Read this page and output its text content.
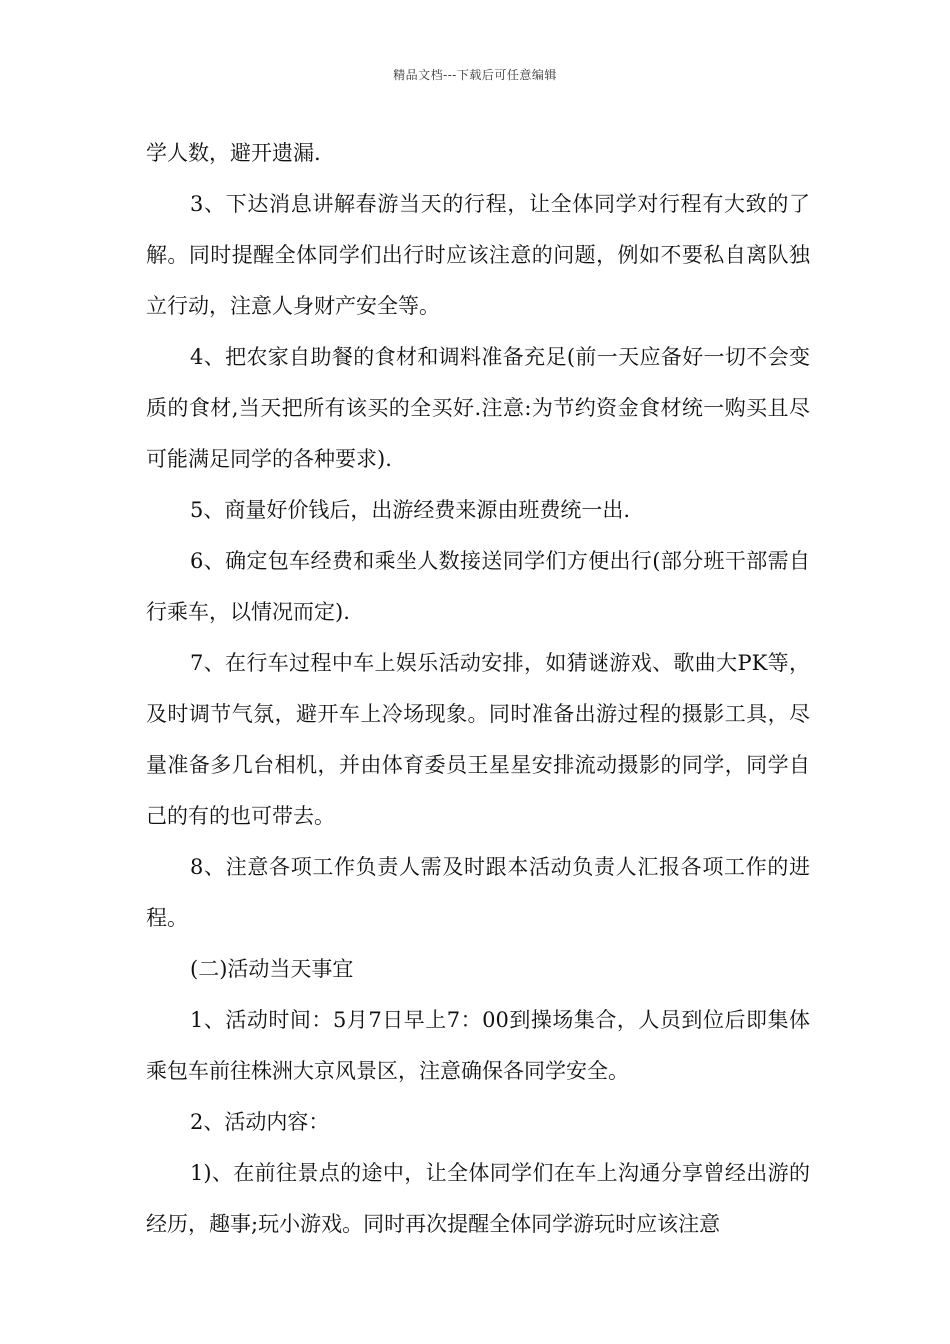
精品文档---下载后可任意编辑

学人数，避开遗漏.

3、下达消息讲解春游当天的行程，让全体同学对行程有大致的了解。同时提醒全体同学们出行时应该注意的问题，例如不要私自离队独立行动，注意人身财产安全等。

4、把农家自助餐的食材和调料准备充足(前一天应备好一切不会变质的食材,当天把所有该买的全买好.注意:为节约资金食材统一购买且尽可能满足同学的各种要求).

5、商量好价钱后，出游经费来源由班费统一出.

6、确定包车经费和乘坐人数接送同学们方便出行(部分班干部需自行乘车，以情况而定).

7、在行车过程中车上娱乐活动安排，如猜谜游戏、歌曲大PK等，及时调节气氛，避开车上冷场现象。同时准备出游过程的摄影工具，尽量准备多几台相机，并由体育委员王星星安排流动摄影的同学，同学自己的有的也可带去。

8、注意各项工作负责人需及时跟本活动负责人汇报各项工作的进程。

(二)活动当天事宜

1、活动时间：5月7日早上7：00到操场集合，人员到位后即集体乘包车前往株洲大京风景区，注意确保各同学安全。

2、活动内容：

1)、在前往景点的途中，让全体同学们在车上沟通分享曾经出游的经历，趣事;玩小游戏。同时再次提醒全体同学游玩时应该注意
